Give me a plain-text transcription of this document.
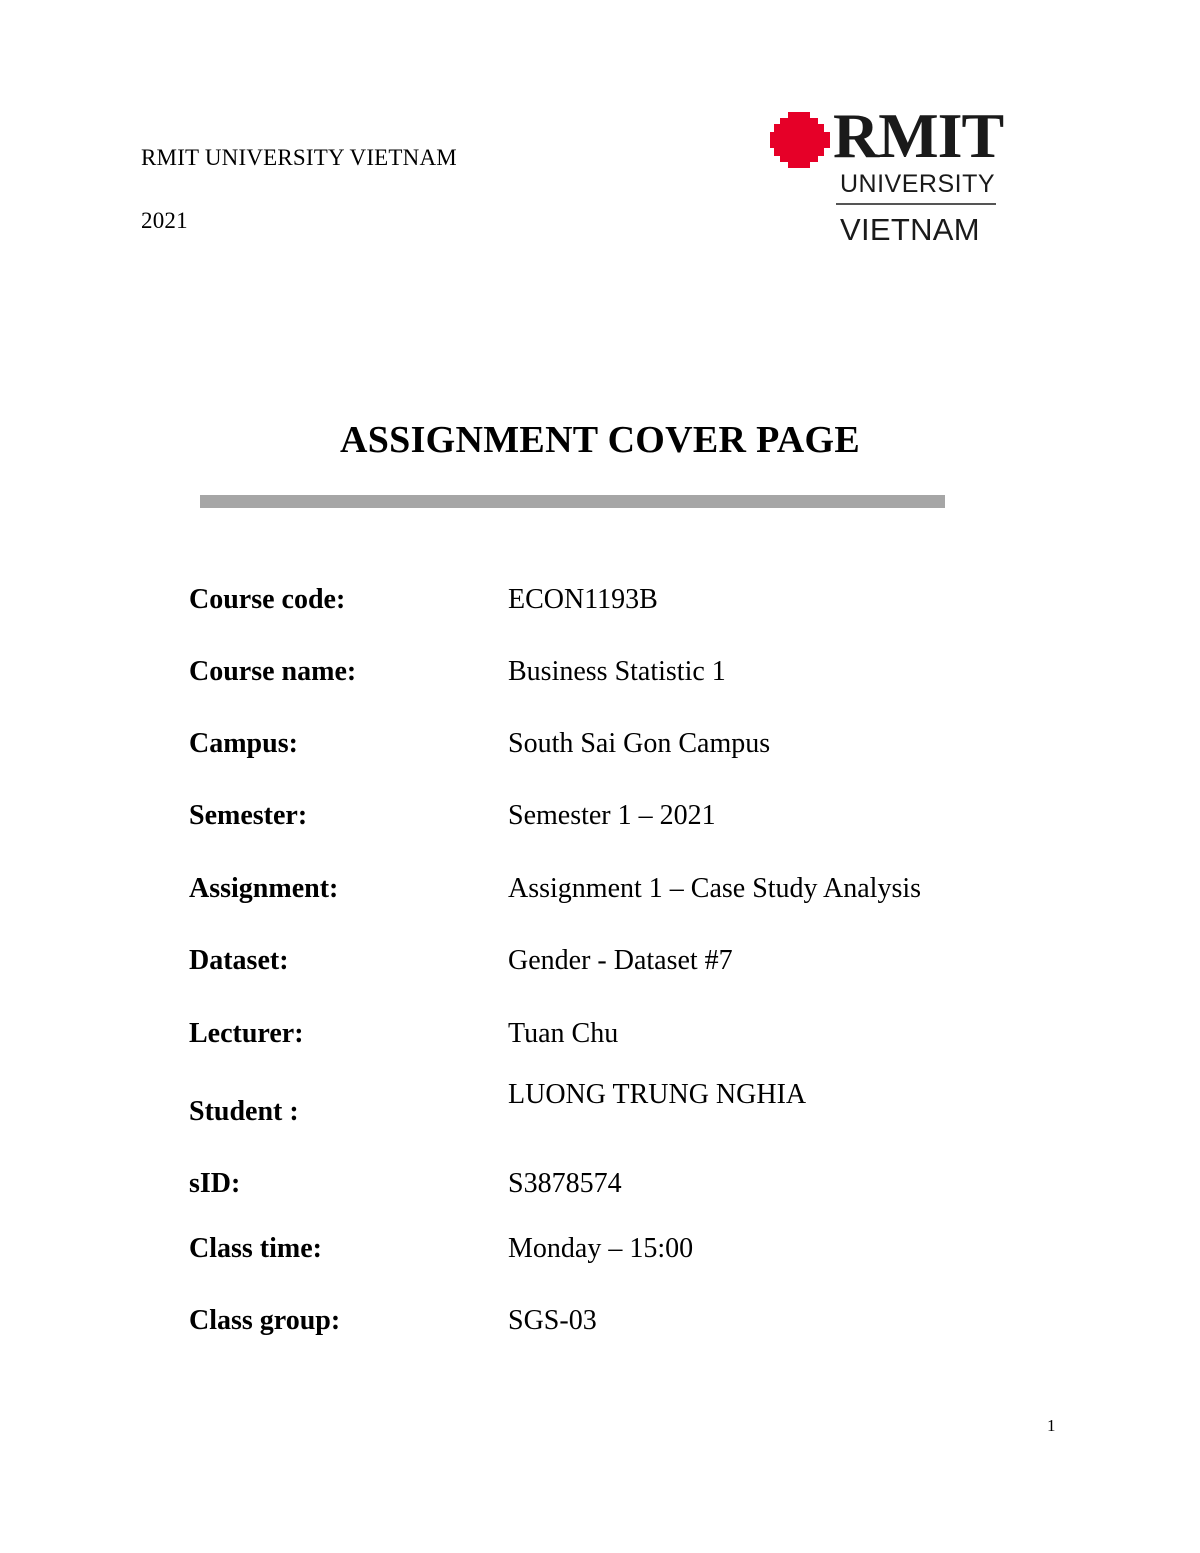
RMIT UNIVERSITY VIETNAM
2021
RMIT
UNIVERSITY
VIETNAM
ASSIGNMENT COVER PAGE
Course code:	ECON1193B
Course name:	Business Statistic 1
Campus:	South Sai Gon Campus
Semester:	Semester 1 – 2021
Assignment:	Assignment 1 – Case Study Analysis
Dataset:	Gender - Dataset #7
Lecturer:	Tuan Chu
Student :
LUONG TRUNG NGHIA
sID:	S3878574
Class time:	Monday – 15:00
Class group:	SGS-03
1
